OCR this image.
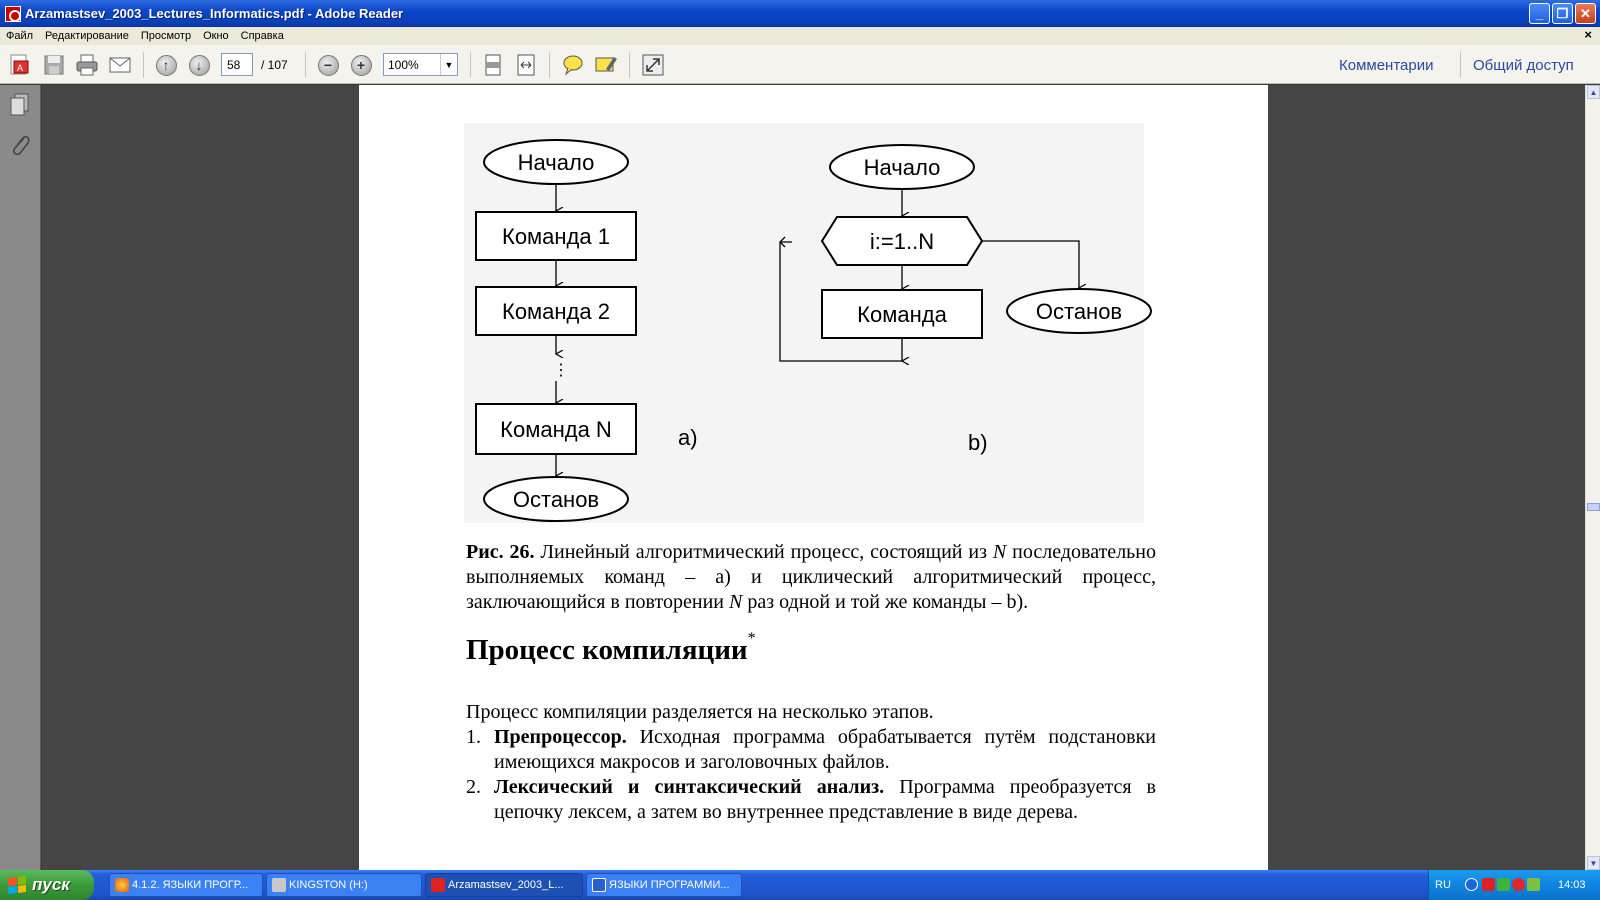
Arzamastsev_2003_Lectures_Informatics.pdf - Adobe Reader	_	❐ ✕
Файл	Редактирование	Просмотр	Окно	Справка	×
A	↑	↓	58	/ 107	−	+	100%	▼	Комментарии	Общий доступ
Начало
Команда 1
Команда 2
⋮
Команда N
Останов
a)
Начало
i:=1..N
Команда	Останов
b)
Рис. 26. Линейный алгоритмический процесс, состоящий из N последовательно выполняемых команд – а) и циклический алгоритмический процесс, заключающийся в повторении N раз одной и той же команды – b).
Процесс компиляции*
Процесс компиляции разделяется на несколько этапов.
1. Препроцессор. Исходная программа обрабатывается путём подстановки имеющихся макросов и заголовочных файлов.
2. Лексический и синтаксический анализ. Программа преобразуется в цепочку лексем, а затем во внутреннее представление в виде дерева.
▲
▼
пуск	4.1.2. ЯЗЫКИ ПРОГР...	KINGSTON (H:)	Arzamastsev_2003_L...	ЯЗЫКИ ПРОГРАММИ...	RU	14:03
